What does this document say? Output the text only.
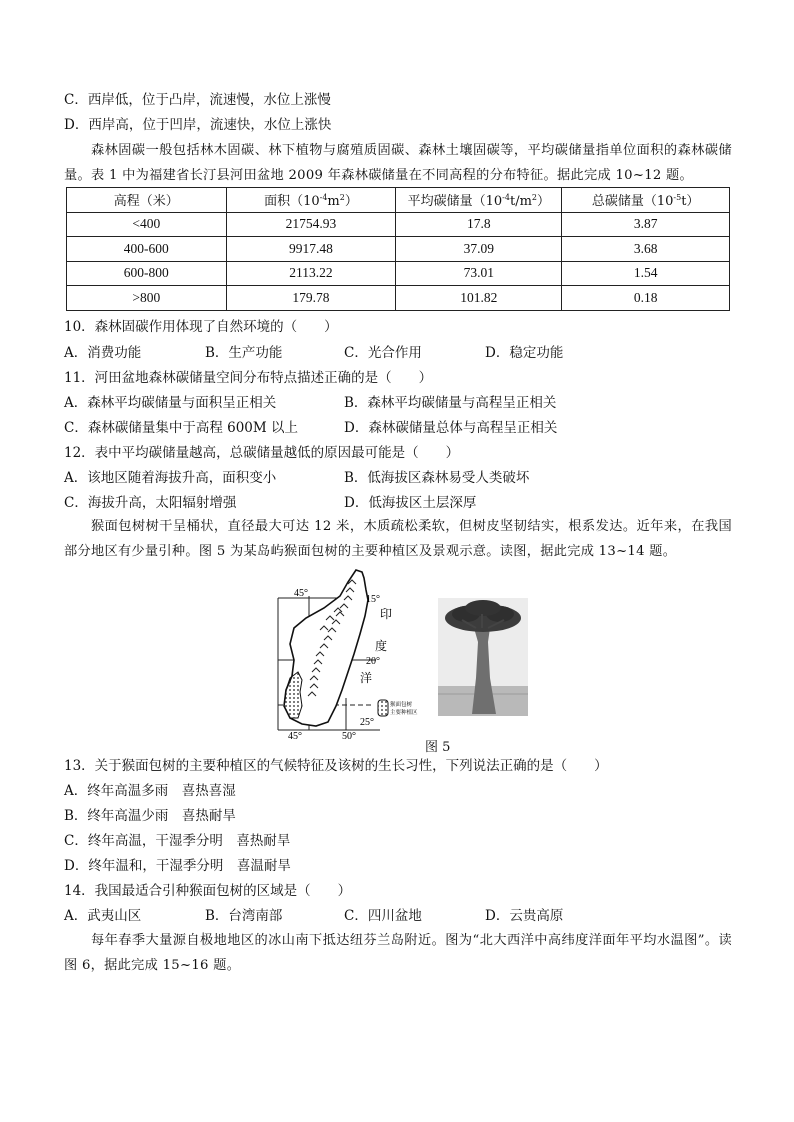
C．西岸低，位于凸岸，流速慢，水位上涨慢
D．西岸高，位于凹岸，流速快，水位上涨快
森林固碳一般包括林木固碳、林下植物与腐殖质固碳、森林土壤固碳等，平均碳储量指单位面积的森林碳储量。表 1 中为福建省长汀县河田盆地 2009 年森林碳储量在不同高程的分布特征。据此完成 10~12 题。
高程（米）	面积$(10^{-4}m^2)$	平均碳储量$(10^{-4}t/m^2)$	总碳储量$(10^{-5}t)$
<400	21754.93	17.8	3.87
400-600	9917.48	37.09	3.68
600-800	2113.22	73.01	1.54
>800	179.78	101.82	0.18
10．森林固碳作用体现了自然环境的（　　）
A．消费功能	B．生产功能	C．光合作用	D．稳定功能
11．河田盆地森林碳储量空间分布特点描述正确的是（　　）
A．森林平均碳储量与面积呈正相关	B．森林平均碳储量与高程呈正相关
C．森林碳储量集中于高程 600M 以上	D．森林碳储量总体与高程呈正相关
12．表中平均碳储量越高，总碳储量越低的原因最可能是（　　）
A．该地区随着海拔升高，面积变小	B．低海拔区森林易受人类破坏
C．海拔升高，太阳辐射增强	D．低海拔区土层深厚
猴面包树树干呈桶状，直径最大可达 12 米，木质疏松柔软，但树皮坚韧结实，根系发达。近年来，在我国部分地区有少量引种。图 5 为某岛屿猴面包树的主要种植区及景观示意。读图，据此完成 13~14 题。
45°
15°
印
度
20°
洋
25°
45°	50°
猴面包树
主要种植区
图 5
13．关于猴面包树的主要种植区的气候特征及该树的生长习性，下列说法正确的是（　　）
A．终年高温多雨　喜热喜湿
B．终年高温少雨　喜热耐旱
C．终年高温，干湿季分明　喜热耐旱
D．终年温和，干湿季分明　喜温耐旱
14．我国最适合引种猴面包树的区域是（　　）
A．武夷山区	B．台湾南部	C．四川盆地	D．云贵高原
每年春季大量源自极地地区的冰山南下抵达纽芬兰岛附近。图为“北大西洋中高纬度洋面年平均水温图”。读图 6，据此完成 15~16 题。
